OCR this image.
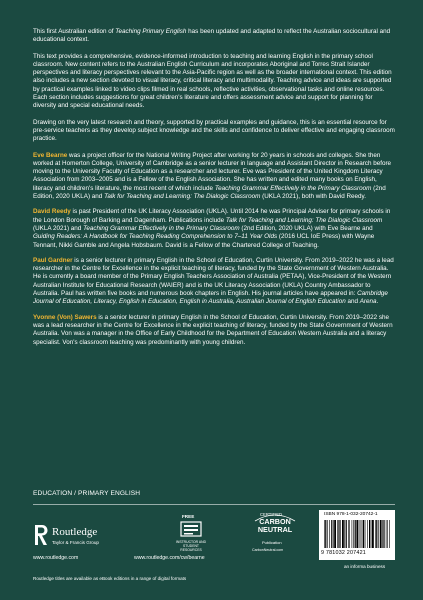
This first Australian edition of Teaching Primary English has been updated and adapted to reflect the Australian sociocultural and educational context.

This text provides a comprehensive, evidence-informed introduction to teaching and learning English in the primary school classroom. New content refers to the Australian English Curriculum and incorporates Aboriginal and Torres Strait Islander perspectives and literacy perspectives relevant to the Asia-Pacific region as well as the broader international context. This edition also includes a new section devoted to visual literacy, critical literacy and multimodality. Teaching advice and ideas are supported by practical examples linked to video clips filmed in real schools, reflective activities, observational tasks and online resources. Each section includes suggestions for great children's literature and offers assessment advice and support for planning for diversity and special educational needs.

Drawing on the very latest research and theory, supported by practical examples and guidance, this is an essential resource for pre-service teachers as they develop subject knowledge and the skills and confidence to deliver effective and engaging classroom practice.

Eve Bearne was a project officer for the National Writing Project after working for 20 years in schools and colleges. She then worked at Homerton College, University of Cambridge as a senior lecturer in language and Assistant Director in Research before moving to the University Faculty of Education as a researcher and lecturer. Eve was President of the United Kingdom Literacy Association from 2003–2005 and is a Fellow of the English Association. She has written and edited many books on English, literacy and children's literature, the most recent of which include Teaching Grammar Effectively in the Primary Classroom (2nd Edition, 2020 UKLA) and Talk for Teaching and Learning: The Dialogic Classroom (UKLA 2021), both with David Reedy.

David Reedy is past President of the UK Literacy Association (UKLA). Until 2014 he was Principal Adviser for primary schools in the London Borough of Barking and Dagenham. Publications include Talk for Teaching and Learning: The Dialogic Classroom (UKLA 2021) and Teaching Grammar Effectively in the Primary Classroom (2nd Edition, 2020 UKLA) with Eve Bearne and Guiding Readers: A Handbook for Teaching Reading Comprehension to 7–11 Year Olds (2016 UCL IoE Press) with Wayne Tennant, Nikki Gamble and Angela Hobsbaum. David is a Fellow of the Chartered College of Teaching.

Paul Gardner is a senior lecturer in primary English in the School of Education, Curtin University. From 2019–2022 he was a lead researcher in the Centre for Excellence in the explicit teaching of literacy, funded by the State Government of Western Australia. He is currently a board member of the Primary English Teachers Association of Australia (PETAA), Vice-President of the Western Australian Institute for Educational Research (WAIER) and is the UK Literacy Association (UKLA) Country Ambassador to Australia. Paul has written five books and numerous book chapters in English. His journal articles have appeared in: Cambridge Journal of Education, Literacy, English in Education, English in Australia, Australian Journal of English Education and Arena.

Yvonne (Von) Sawers is a senior lecturer in primary English in the School of Education, Curtin University. From 2019–2022 she was a lead researcher in the Centre for Excellence in the explicit teaching of literacy, funded by the State Government of Western Australia. Von was a manager in the Office of Early Childhood for the Department of Education Western Australia and a literacy specialist. Von's classroom teaching was predominantly with young children.

EDUCATION / PRIMARY ENGLISH
Routledge
Taylor & Francis Group
www.routledge.com	www.routledge.com/cw/bearne
FREE
INSTRUCTOR AND STUDENT RESOURCES
CERTIFIED
CARBON NEUTRAL
Publication
CarbonNeutral.com
ISBN 978-1-032-20742-1
9 781032 207421
an informa business
Routledge titles are available as eBook editions in a range of digital formats
